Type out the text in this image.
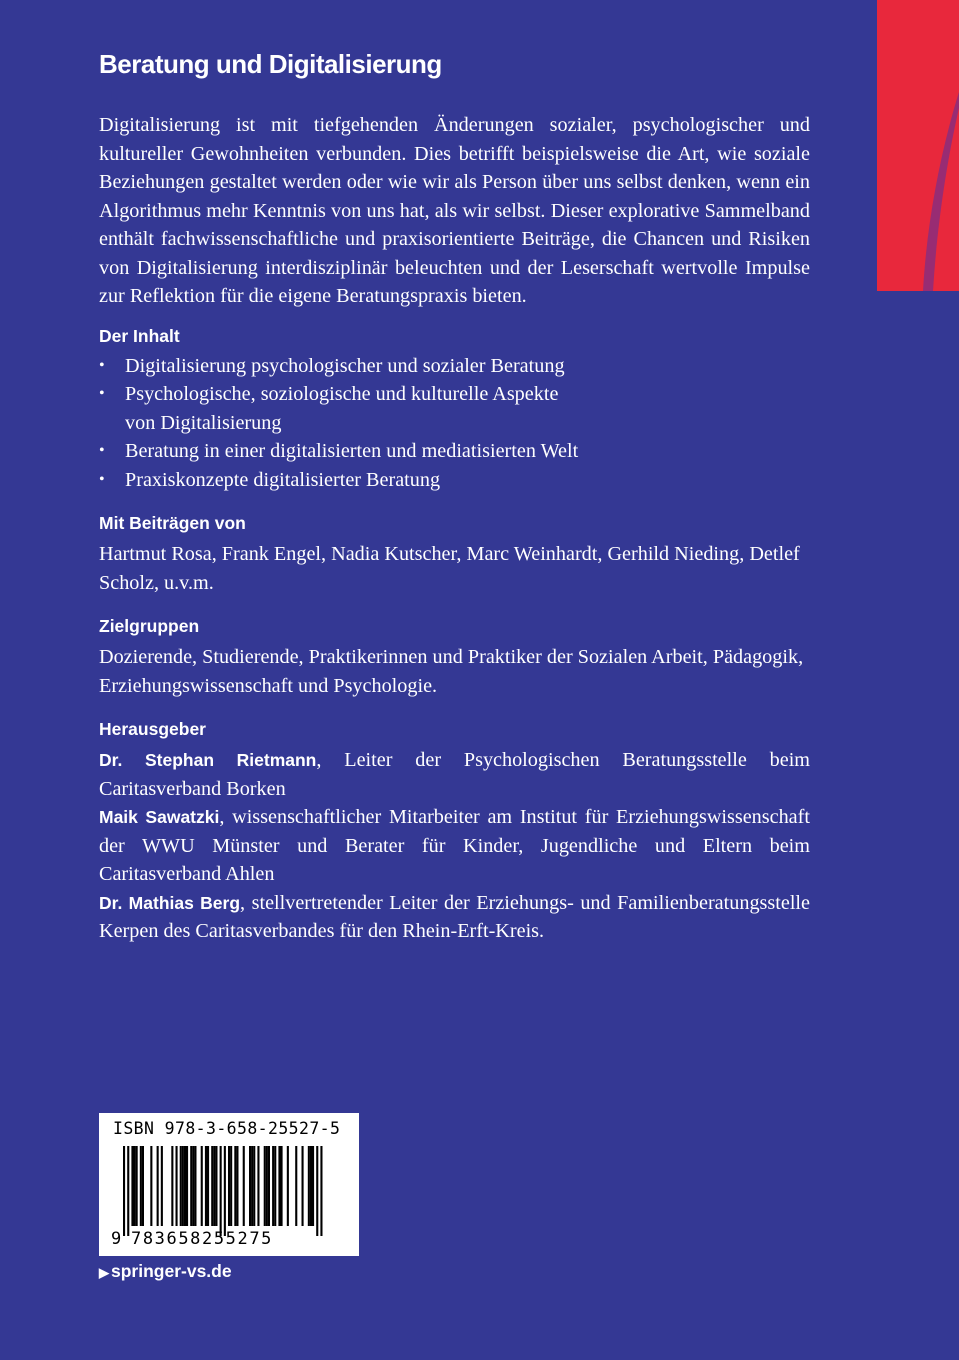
Beratung und Digitalisierung

Digitalisierung ist mit tiefgehenden Änderungen sozialer, psychologischer und kultureller Gewohnheiten verbunden. Dies betrifft beispielsweise die Art, wie soziale Beziehungen gestaltet werden oder wie wir als Person über uns selbst denken, wenn ein Algorithmus mehr Kenntnis von uns hat, als wir selbst. Dieser explorative Sammelband enthält fachwissenschaftliche und praxisorientierte Beiträge, die Chancen und Risiken von Digitalisierung interdisziplinär beleuchten und der Leserschaft wertvolle Impulse zur Reflektion für die eigene Beratungspraxis bieten.

Der Inhalt
• Digitalisierung psychologischer und sozialer Beratung
• Psychologische, soziologische und kulturelle Aspekte von Digitalisierung
• Beratung in einer digitalisierten und mediatisierten Welt
• Praxiskonzepte digitalisierter Beratung
Mit Beiträgen von

Hartmut Rosa, Frank Engel, Nadia Kutscher, Marc Weinhardt, Gerhild Nieding, Detlef Scholz, u.v.m.

Zielgruppen

Dozierende, Studierende, Praktikerinnen und Praktiker der Sozialen Arbeit, Pädagogik, Erziehungswissenschaft und Psychologie.

Herausgeber

Dr. Stephan Rietmann, Leiter der Psychologischen Beratungsstelle beim Caritasverband Borken

Maik Sawatzki, wissenschaftlicher Mitarbeiter am Institut für Erziehungswissenschaft der WWU Münster und Berater für Kinder, Jugendliche und Eltern beim Caritasverband Ahlen

Dr. Mathias Berg, stellvertretender Leiter der Erziehungs- und Familienberatungsstelle Kerpen des Caritasverbandes für den Rhein-Erft-Kreis.

ISBN 978-3-658-25527-5
9 783658255275
▶ springer-vs.de
